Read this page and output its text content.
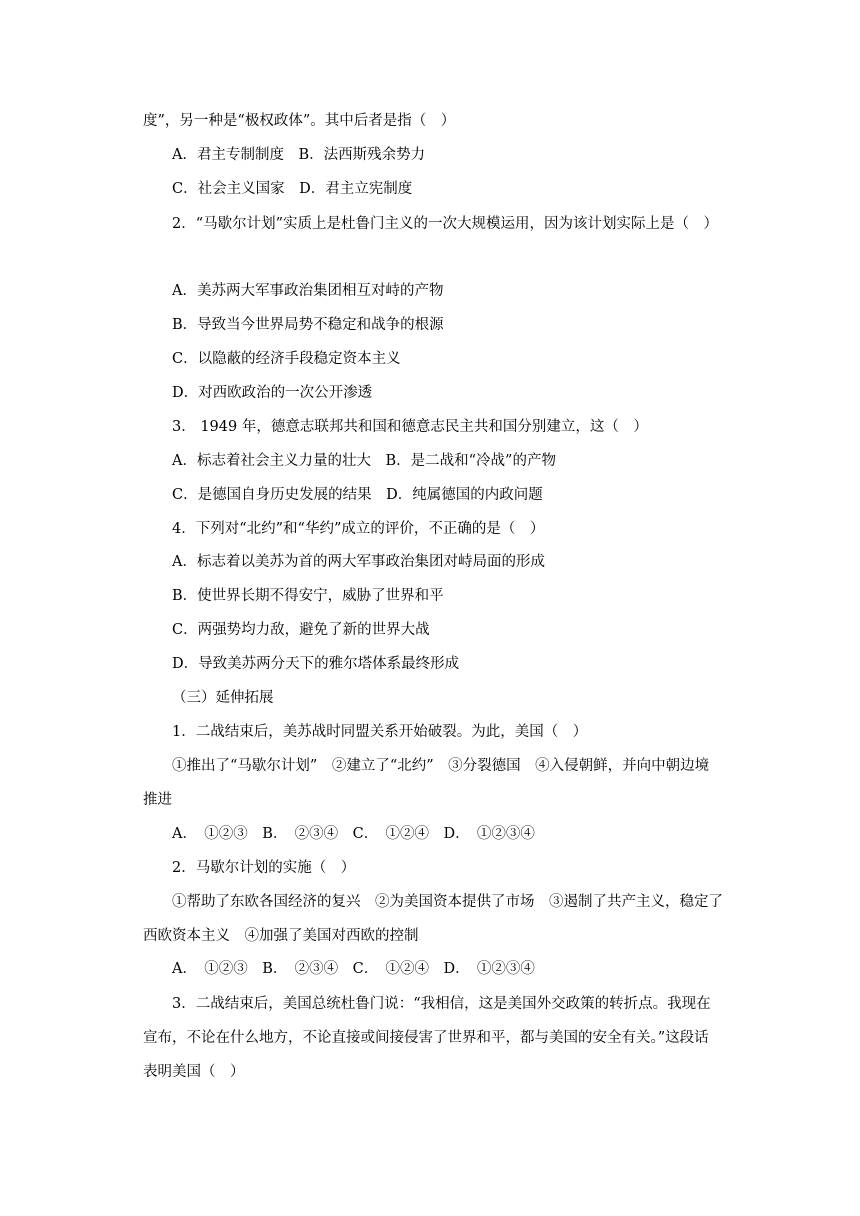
度”，另一种是“极权政体”。其中后者是指（　）
A．君主专制制度　B．法西斯残余势力
C．社会主义国家　D．君主立宪制度
2．“马歇尔计划”实质上是杜鲁门主义的一次大规模运用，因为该计划实际上是（　）
A．美苏两大军事政治集团相互对峙的产物
B．导致当今世界局势不稳定和战争的根源
C．以隐蔽的经济手段稳定资本主义
D．对西欧政治的一次公开渗透
3． 1949 年，德意志联邦共和国和德意志民主共和国分别建立，这（　）
A．标志着社会主义力量的壮大　B．是二战和“冷战”的产物
C．是德国自身历史发展的结果　D．纯属德国的内政问题
4．下列对“北约”和“华约”成立的评价，不正确的是（　）
A．标志着以美苏为首的两大军事政治集团对峙局面的形成
B．使世界长期不得安宁，威胁了世界和平
C．两强势均力敌，避免了新的世界大战
D．导致美苏两分天下的雅尔塔体系最终形成
（三）延伸拓展
1．二战结束后，美苏战时同盟关系开始破裂。为此，美国（　）
①推出了“马歇尔计划”　②建立了“北约”　③分裂德国　④入侵朝鲜，并向中朝边境推进
A．　①②③　B．　②③④　C．　①②④　D．　①②③④
2．马歇尔计划的实施（　）
①帮助了东欧各国经济的复兴　②为美国资本提供了市场　③遏制了共产主义，稳定了西欧资本主义　④加强了美国对西欧的控制
A．　①②③　B．　②③④　C．　①②④　D．　①②③④
3．二战结束后，美国总统杜鲁门说：“我相信，这是美国外交政策的转折点。我现在宣布，不论在什么地方，不论直接或间接侵害了世界和平，都与美国的安全有关。”这段话表明美国（　）
